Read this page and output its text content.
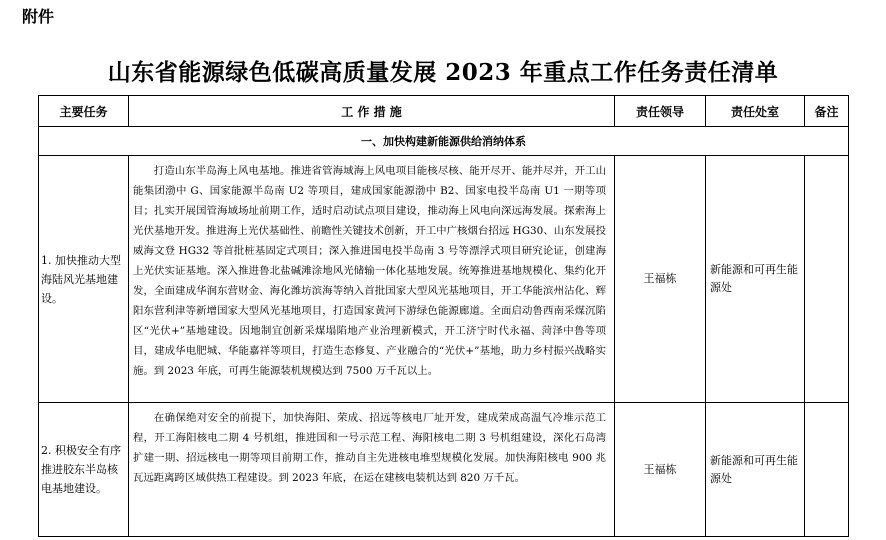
附件
山东省能源绿色低碳高质量发展 2023 年重点工作任务责任清单
主要任务	工 作 措 施	责任领导	责任处室	备注
一、加快构建新能源供给消纳体系				
1. 加快推动大型海陆风光基地建设。	打造山东半岛海上风电基地。推进省管海域海上风电项目能核尽核、能开尽开、能并尽并，开工山能集团渤中 G、国家能源半岛南 U2 等项目，建成国家能源渤中 B2、国家电投半岛南 U1 一期等项目；扎实开展国管海域场址前期工作，适时启动试点项目建设，推动海上风电向深远海发展。探索海上光伏基地开发。推进海上光伏基础性、前瞻性关键技术创新，开工中广核烟台招远 HG30、山东发展投威海文登 HG32 等首批桩基固定式项目；深入推进国电投半岛南 3 号等漂浮式项目研究论证，创建海上光伏实证基地。深入推进鲁北盐碱滩涂地风光储输一体化基地发展。统筹推进基地规模化、集约化开发，全面建成华润东营财金、海化潍坊滨海等纳入首批国家大型风光基地项目，开工华能滨州沾化、辉阳东营利津等新增国家大型风光基地项目，打造国家黄河下游绿色能源廊道。全面启动鲁西南采煤沉陷区“光伏+”基地建设。因地制宜创新采煤塌陷地产业治理新模式，开工济宁时代永福、菏泽中鲁等项目，建成华电肥城、华能嘉祥等项目，打造生态修复、产业融合的“光伏+”基地，助力乡村振兴战略实施。到 2023 年底，可再生能源装机规模达到 7500 万千瓦以上。	王福栋	新能源和可再生能源处	
2. 积极安全有序推进胶东半岛核电基地建设。	在确保绝对安全的前提下，加快海阳、荣成、招远等核电厂址开发，建成荣成高温气冷堆示范工程，开工海阳核电二期 4 号机组，推进国和一号示范工程、海阳核电二期 3 号机组建设，深化石岛湾扩建一期、招远核电一期等项目前期工作，推动自主先进核电堆型规模化发展。加快海阳核电 900 兆瓦远距离跨区域供热工程建设。到 2023 年底，在运在建核电装机达到 820 万千瓦。	王福栋	新能源和可再生能源处	
